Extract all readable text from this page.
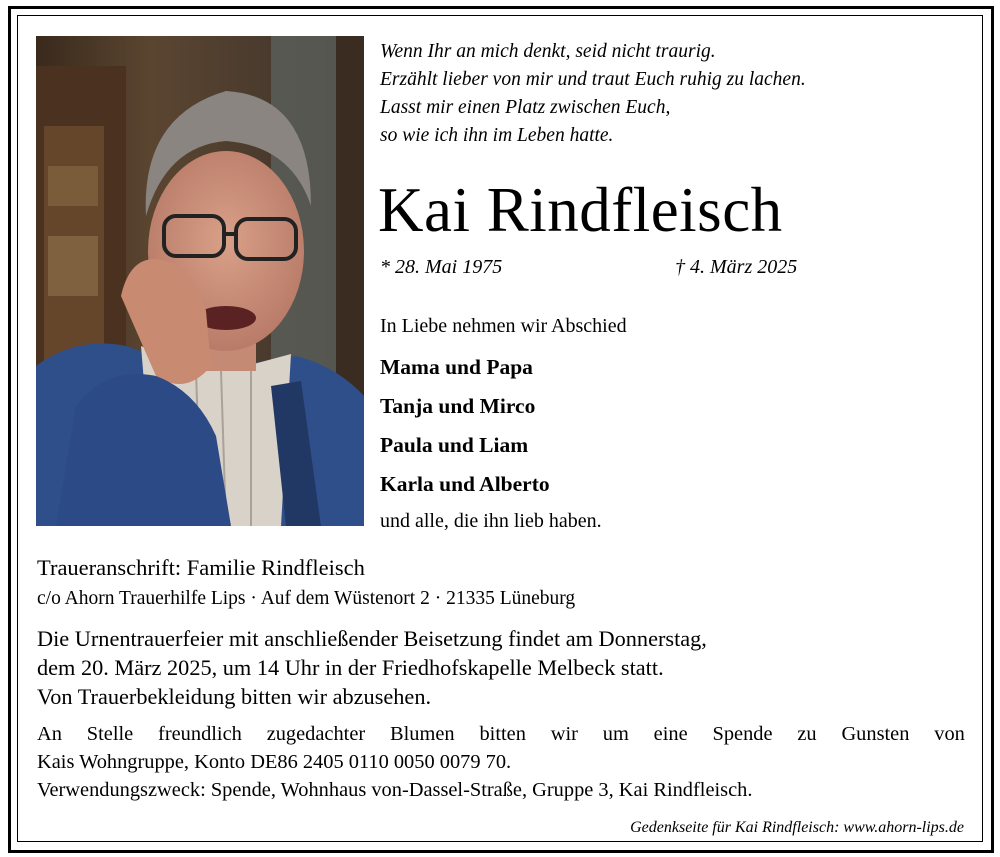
Wenn Ihr an mich denkt, seid nicht traurig.
Erzählt lieber von mir und traut Euch ruhig zu lachen.
Lasst mir einen Platz zwischen Euch,
so wie ich ihn im Leben hatte.
Kai Rindfleisch
* 28. Mai 1975	† 4. März 2025
In Liebe nehmen wir Abschied
Mama und Papa
Tanja und Mirco
Paula und Liam
Karla und Alberto
und alle, die ihn lieb haben.
Traueranschrift: Familie Rindfleisch
c/o Ahorn Trauerhilfe Lips · Auf dem Wüstenort 2 · 21335 Lüneburg
Die Urnentrauerfeier mit anschließender Beisetzung findet am Donnerstag,
dem 20. März 2025, um 14 Uhr in der Friedhofskapelle Melbeck statt.
Von Trauerbekleidung bitten wir abzusehen.
An Stelle freundlich zugedachter Blumen bitten wir um eine Spende zu Gunsten von
Kais Wohngruppe, Konto DE86 2405 0110 0050 0079 70.
Verwendungszweck: Spende, Wohnhaus von-Dassel-Straße, Gruppe 3, Kai Rindfleisch.
Gedenkseite für Kai Rindfleisch: www.ahorn-lips.de
